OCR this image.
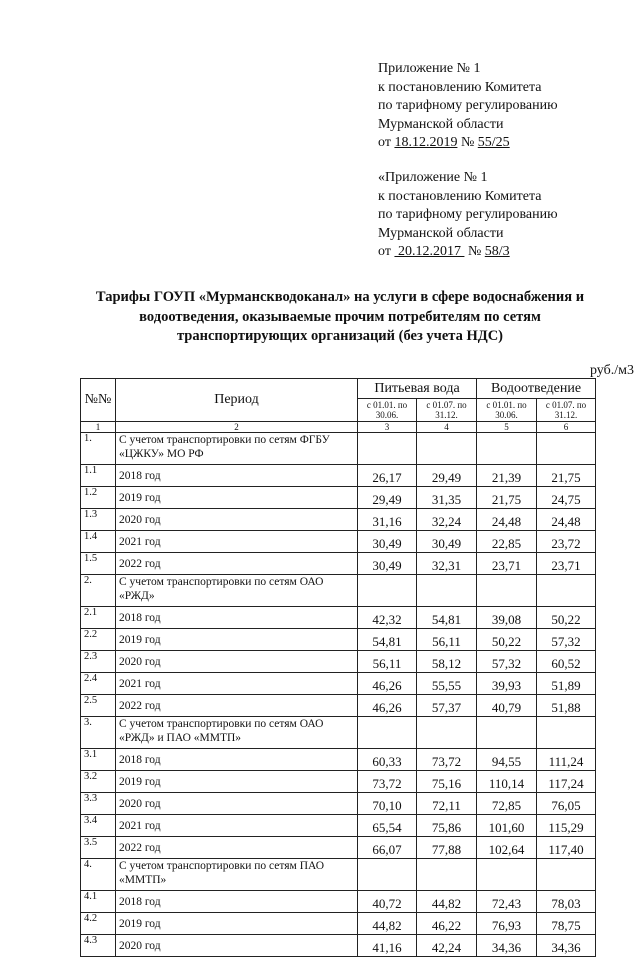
Приложение № 1
к постановлению Комитета
по тарифному регулированию
Мурманской области
от 18.12.2019 № 55/25
«Приложение № 1
к постановлению Комитета
по тарифному регулированию
Мурманской области
от  20.12.2017  № 58/3
Тарифы ГОУП «Мурманскводоканал» на услуги в сфере водоснабжения и
водоотведения, оказываемые прочим потребителям по сетям
транспортирующих организаций (без учета НДС)
руб./м3
№№	Период	Питьевая вода		Водоотведение	
		с 01.01. по 30.06.	с 01.07. по 31.12.	с 01.01. по 30.06.	с 01.07. по 31.12.
1	2	3	4	5	6
1.	С учетом транспортировки по сетям ФГБУ «ЦЖКУ» МО РФ				
1.1	2018 год	26,17	29,49	21,39	21,75
1.2	2019 год	29,49	31,35	21,75	24,75
1.3	2020 год	31,16	32,24	24,48	24,48
1.4	2021 год	30,49	30,49	22,85	23,72
1.5	2022 год	30,49	32,31	23,71	23,71
2.	С учетом транспортировки по сетям ОАО «РЖД»				
2.1	2018 год	42,32	54,81	39,08	50,22
2.2	2019 год	54,81	56,11	50,22	57,32
2.3	2020 год	56,11	58,12	57,32	60,52
2.4	2021 год	46,26	55,55	39,93	51,89
2.5	2022 год	46,26	57,37	40,79	51,88
3.	С учетом транспортировки по сетям ОАО «РЖД» и ПАО «ММТП»				
3.1	2018 год	60,33	73,72	94,55	111,24
3.2	2019 год	73,72	75,16	110,14	117,24
3.3	2020 год	70,10	72,11	72,85	76,05
3.4	2021 год	65,54	75,86	101,60	115,29
3.5	2022 год	66,07	77,88	102,64	117,40
4.	С учетом транспортировки по сетям ПАО «ММТП»				
4.1	2018 год	40,72	44,82	72,43	78,03
4.2	2019 год	44,82	46,22	76,93	78,75
4.3	2020 год	41,16	42,24	34,36	34,36
